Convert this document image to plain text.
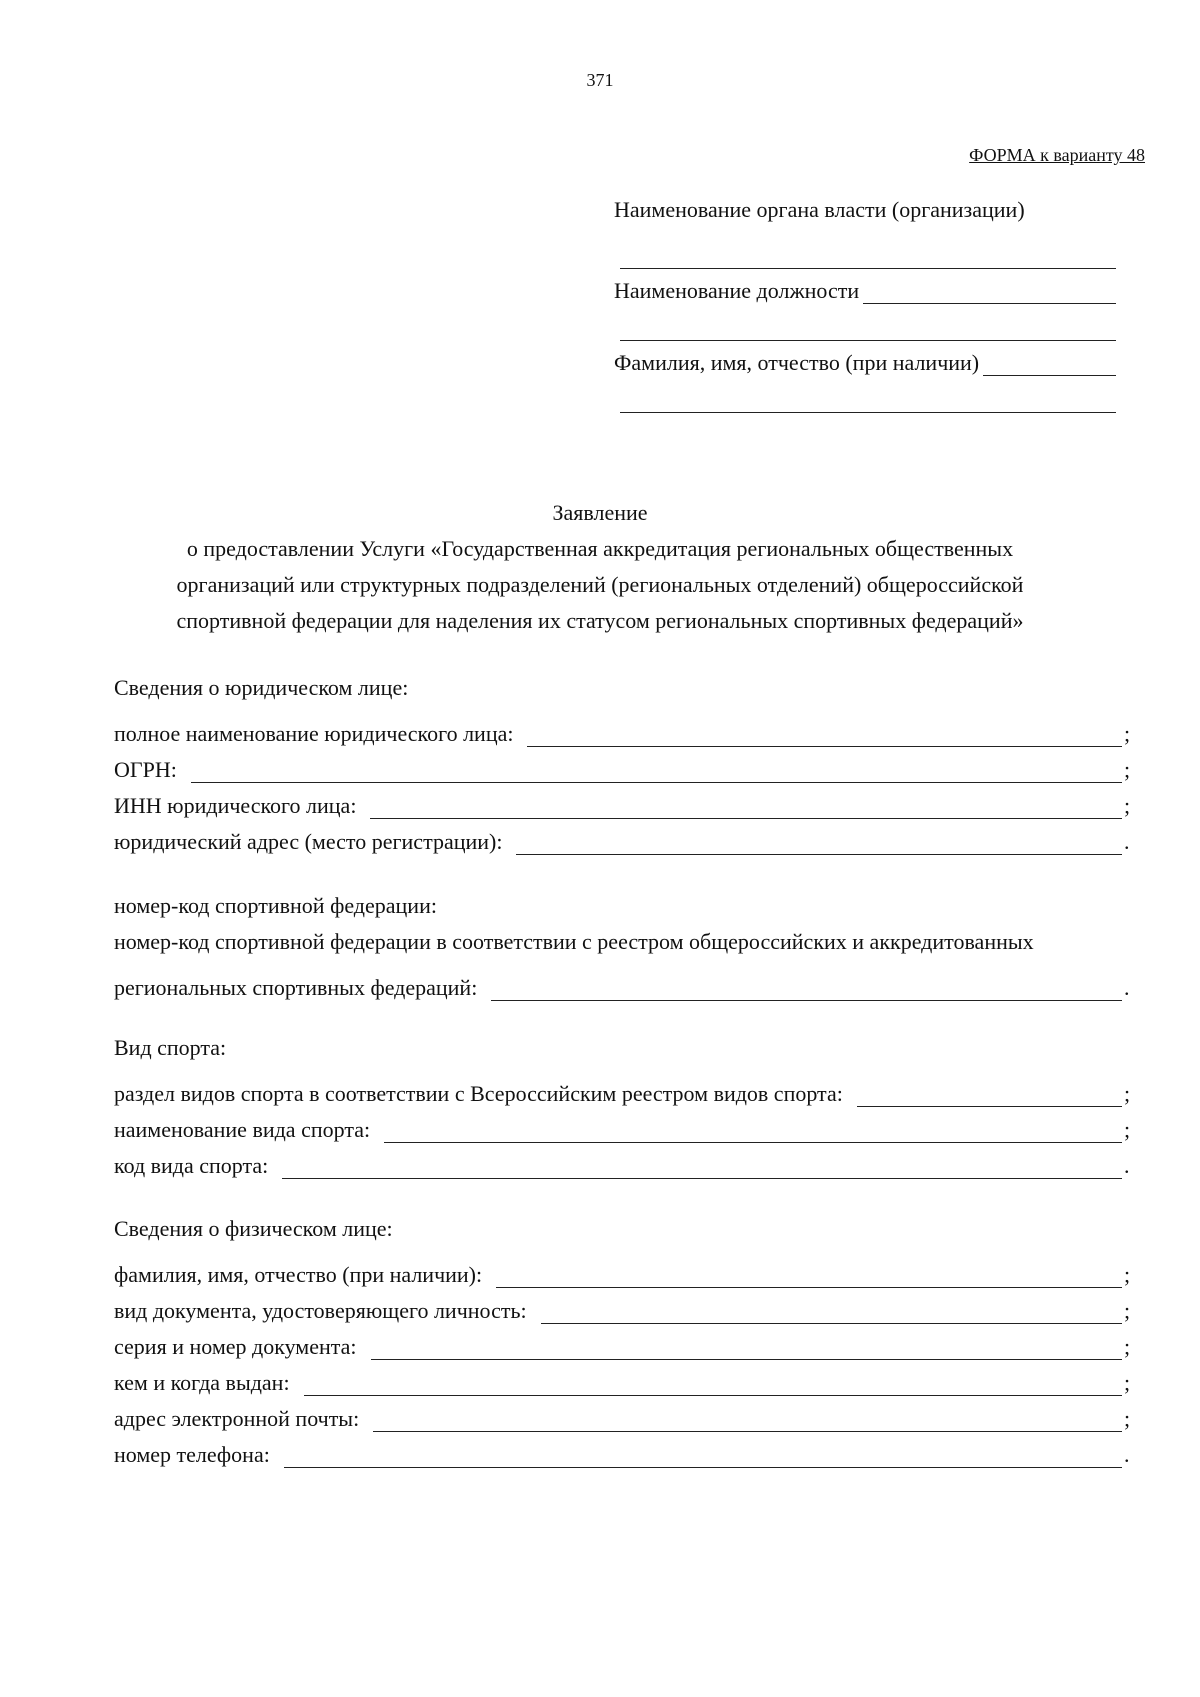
371
ФОРМА к варианту 48
Наименование органа власти (организации)
Наименование должности
Фамилия, имя, отчество (при наличии)
Заявление
о предоставлении Услуги «Государственная аккредитация региональных общественных
организаций или структурных подразделений (региональных отделений) общероссийской
спортивной федерации для наделения их статусом региональных спортивных федераций»
Сведения о юридическом лице:
полное наименование юридического лица:	;
ОГРН:	;
ИНН юридического лица:	;
юридический адрес (место регистрации):	.
номер-код спортивной федерации:
номер-код спортивной федерации в соответствии с реестром общероссийских и аккредитованных
региональных спортивных федераций:	.
Вид спорта:
раздел видов спорта в соответствии с Всероссийским реестром видов спорта:	;
наименование вида спорта:	;
код вида спорта:	.
Сведения о физическом лице:
фамилия, имя, отчество (при наличии):	;
вид документа, удостоверяющего личность:	;
серия и номер документа:	;
кем и когда выдан:	;
адрес электронной почты:	;
номер телефона:	.
